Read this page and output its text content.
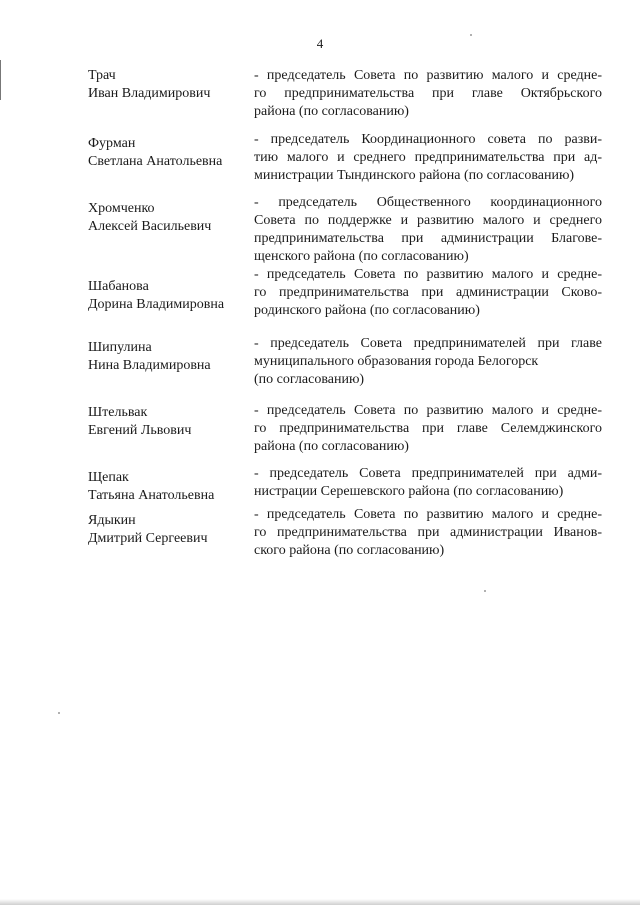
4
Трач
Иван Владимирович
- председатель Совета по развитию малого и средне-
го предпринимательства при главе Октябрьского
района (по согласованию)
Фурман
Светлана Анатольевна
- председатель Координационного совета по разви-
тию малого и среднего предпринимательства при ад-
министрации Тындинского района (по согласованию)
Хромченко
Алексей Васильевич
- председатель Общественного координационного
Совета по поддержке и развитию малого и среднего
предпринимательства при администрации Благове-
щенского района (по согласованию)
Шабанова
Дорина Владимировна
- председатель Совета по развитию малого и средне-
го предпринимательства при администрации Сково-
родинского района (по согласованию)
Шипулина
Нина Владимировна
- председатель Совета предпринимателей при главе
муниципального образования города Белогорск
(по согласованию)
Штельвак
Евгений Львович
- председатель Совета по развитию малого и средне-
го предпринимательства при главе Селемджинского
района (по согласованию)
Щепак
Татьяна Анатольевна
- председатель Совета предпринимателей при адми-
нистрации Серешевского района (по согласованию)
Ядыкин
Дмитрий Сергеевич
- председатель Совета по развитию малого и средне-
го предпринимательства при администрации Иванов-
ского района (по согласованию)
